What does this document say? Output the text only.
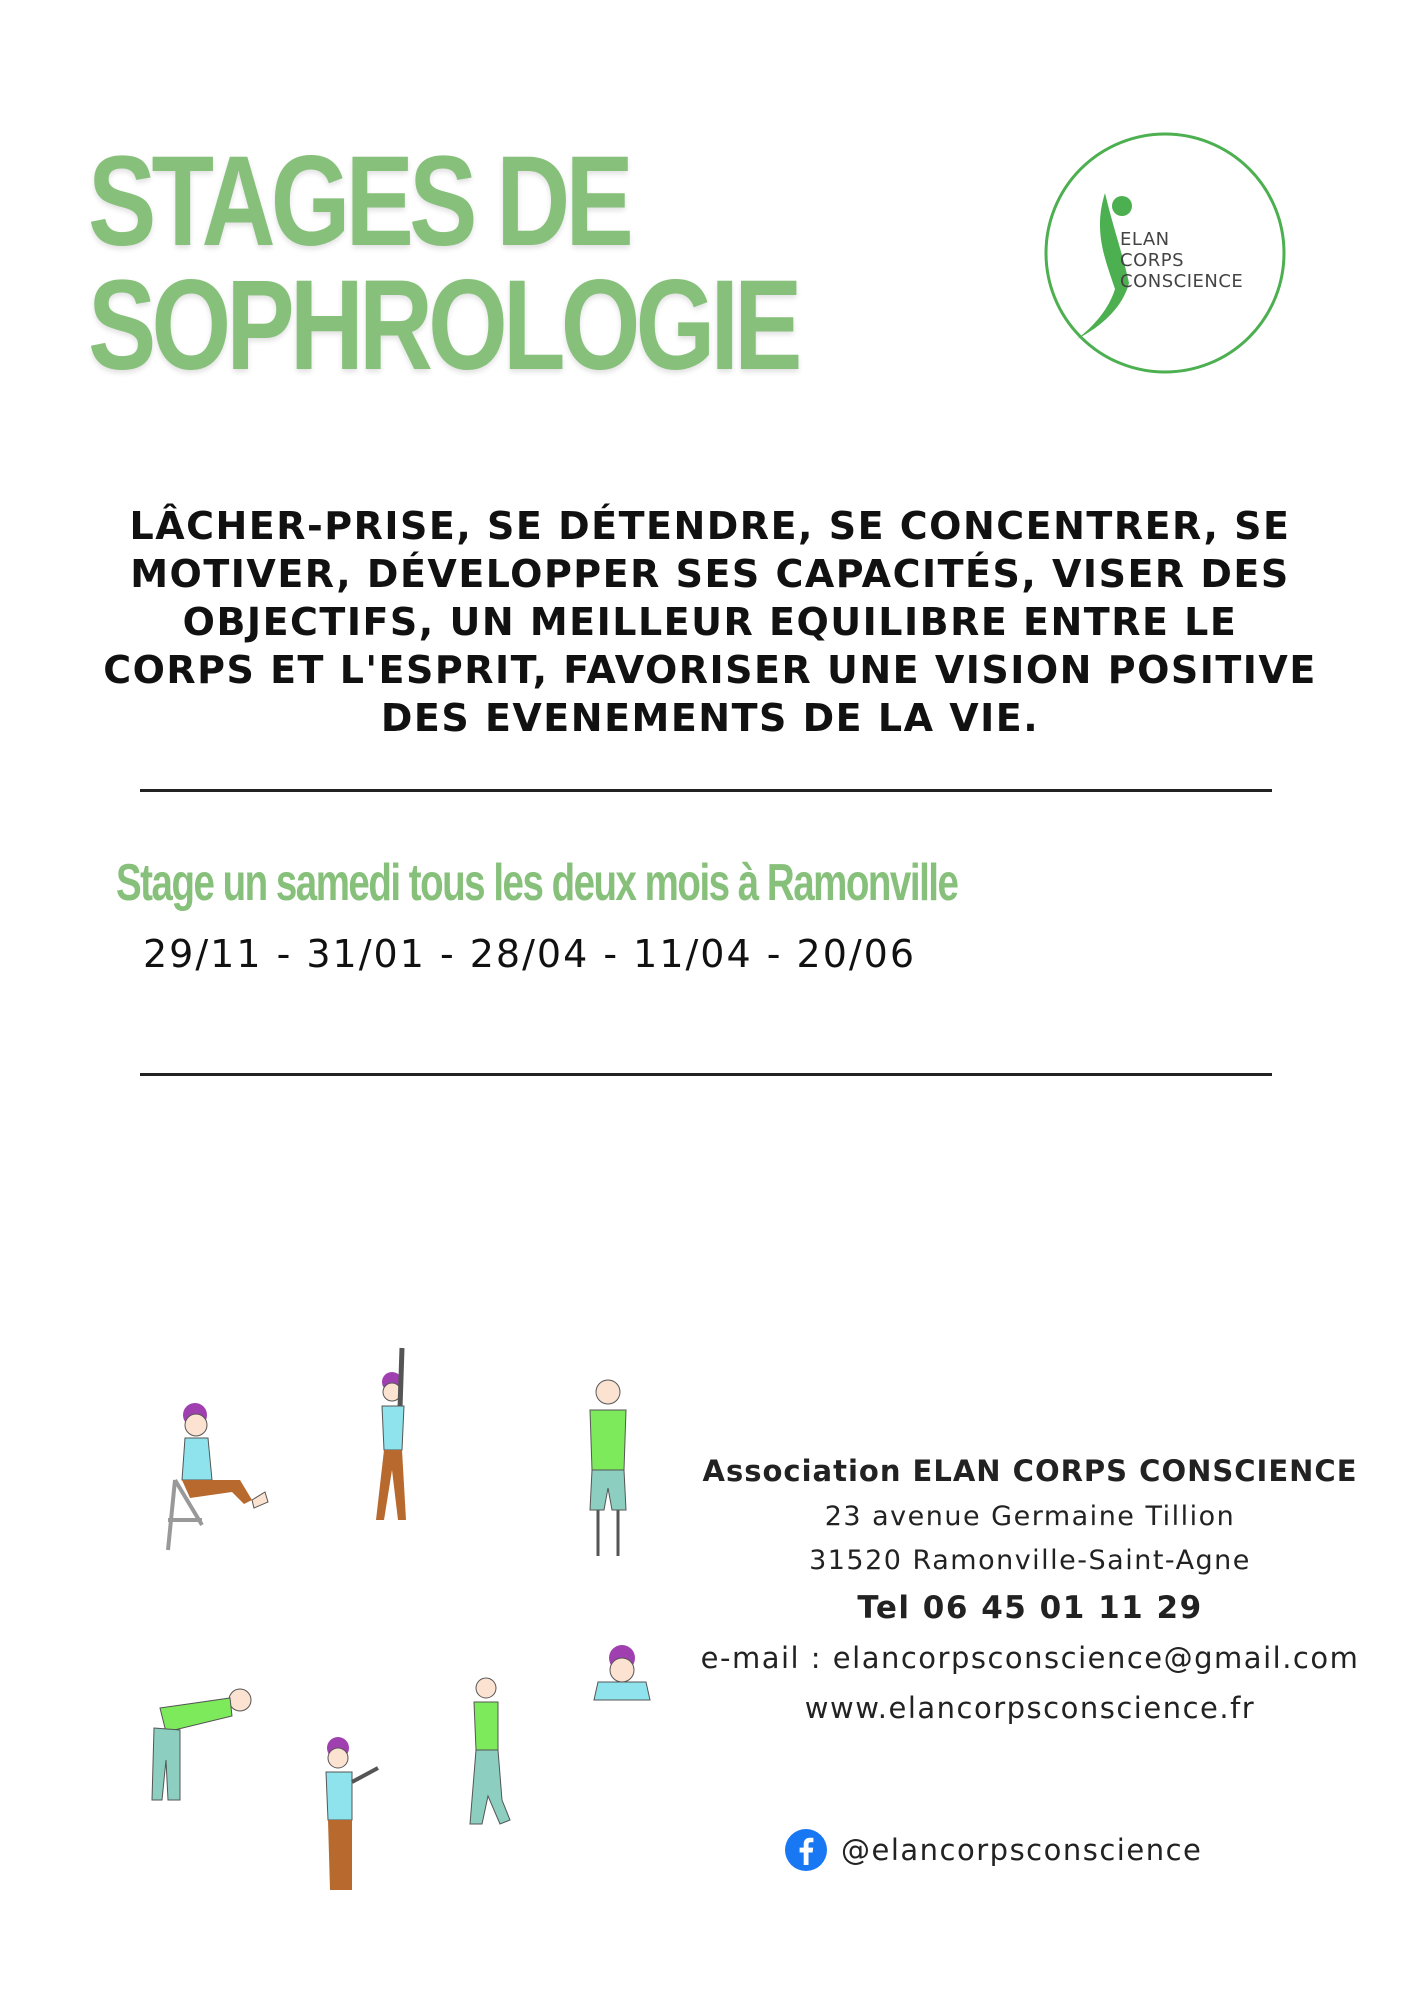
STAGES DE
SOPHROLOGIE
ELAN
CORPS
CONSCIENCE

LÂCHER-PRISE, SE DÉTENDRE, SE CONCENTRER, SE MOTIVER, DÉVELOPPER SES CAPACITÉS, VISER DES OBJECTIFS, UN MEILLEUR EQUILIBRE ENTRE LE CORPS ET L'ESPRIT, FAVORISER UNE VISION POSITIVE DES EVENEMENTS DE LA VIE.

Stage un samedi tous les deux mois à Ramonville
29/11 - 31/01 - 28/04 - 11/04 - 20/06
Association ELAN CORPS CONSCIENCE
23 avenue Germaine Tillion
31520 Ramonville-Saint-Agne
Tel 06 45 01 11 29
e-mail : elancorpsconscience@gmail.com
www.elancorpsconscience.fr
@elancorpsconscience
